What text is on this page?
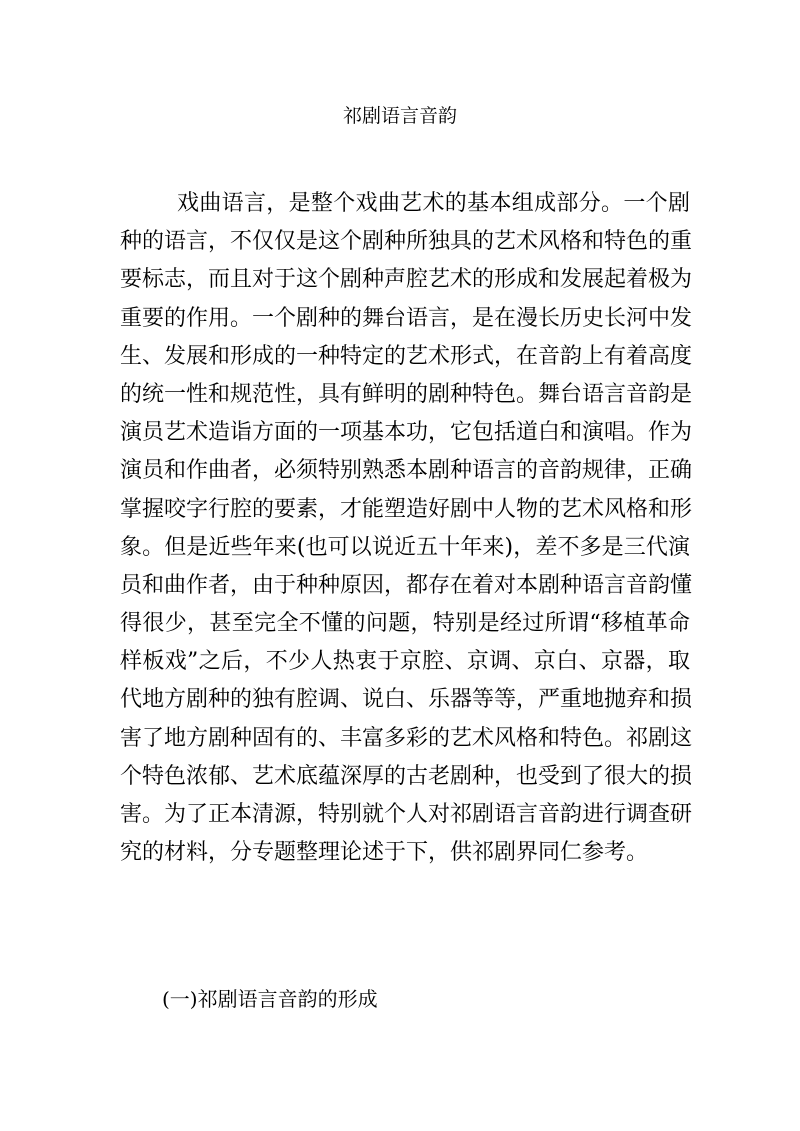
祁剧语言音韵
戏曲语言，是整个戏曲艺术的基本组成部分。一个剧
种的语言，不仅仅是这个剧种所独具的艺术风格和特色的重
要标志，而且对于这个剧种声腔艺术的形成和发展起着极为
重要的作用。一个剧种的舞台语言，是在漫长历史长河中发
生、发展和形成的一种特定的艺术形式，在音韵上有着高度
的统一性和规范性，具有鲜明的剧种特色。舞台语言音韵是
演员艺术造诣方面的一项基本功，它包括道白和演唱。作为
演员和作曲者，必须特别熟悉本剧种语言的音韵规律，正确
掌握咬字行腔的要素，才能塑造好剧中人物的艺术风格和形
象。但是近些年来(也可以说近五十年来)，差不多是三代演
员和曲作者，由于种种原因，都存在着对本剧种语言音韵懂
得很少，甚至完全不懂的问题，特别是经过所谓“移植革命
样板戏”之后，不少人热衷于京腔、京调、京白、京器，取
代地方剧种的独有腔调、说白、乐器等等，严重地抛弃和损
害了地方剧种固有的、丰富多彩的艺术风格和特色。祁剧这
个特色浓郁、艺术底蕴深厚的古老剧种，也受到了很大的损
害。为了正本清源，特别就个人对祁剧语言音韵进行调查研
究的材料，分专题整理论述于下，供祁剧界同仁参考。
(一)祁剧语言音韵的形成
